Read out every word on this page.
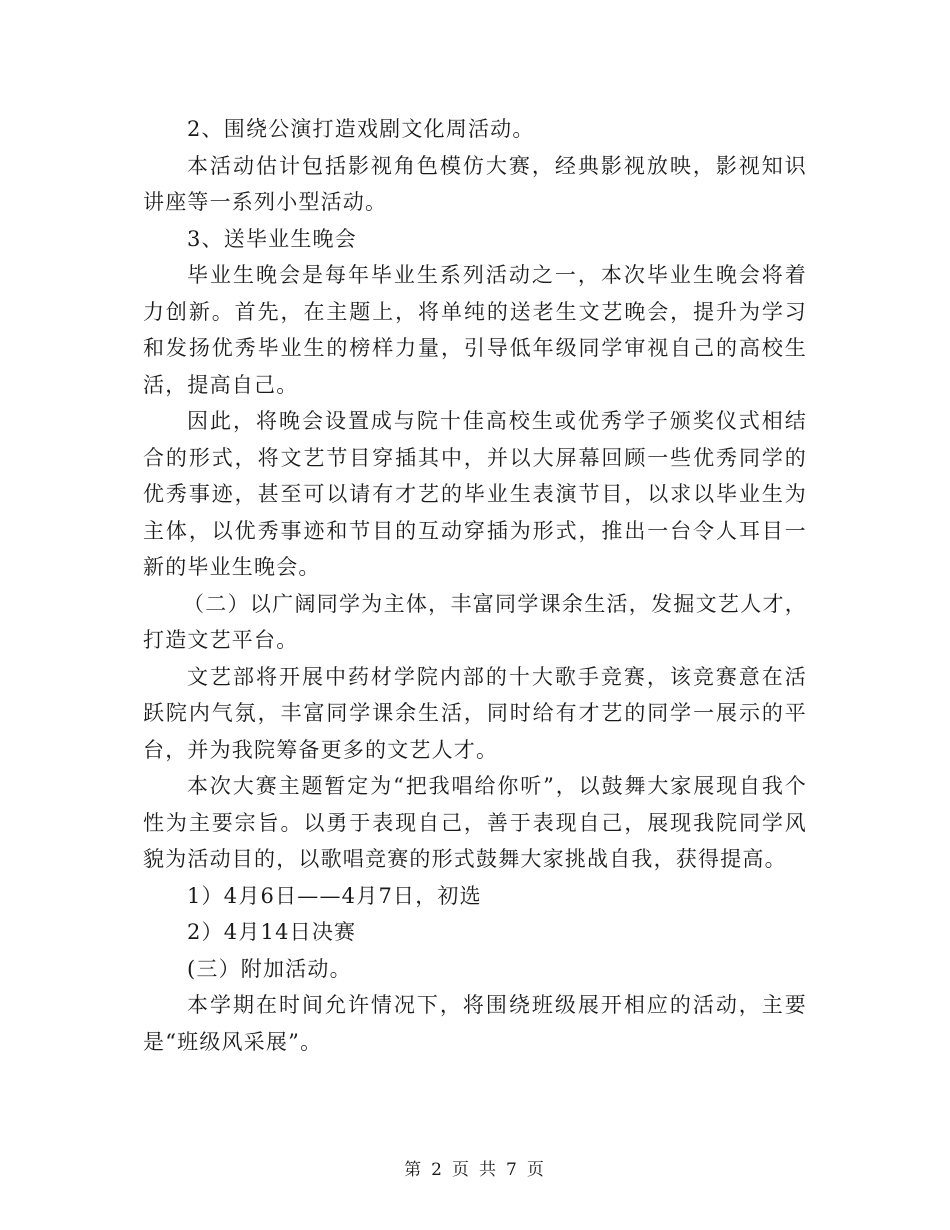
2、围绕公演打造戏剧文化周活动。

本活动估计包括影视角色模仿大赛，经典影视放映，影视知识讲座等一系列小型活动。

3、送毕业生晚会

毕业生晚会是每年毕业生系列活动之一，本次毕业生晚会将着力创新。首先，在主题上，将单纯的送老生文艺晚会，提升为学习和发扬优秀毕业生的榜样力量，引导低年级同学审视自己的高校生活，提高自己。

因此，将晚会设置成与院十佳高校生或优秀学子颁奖仪式相结合的形式，将文艺节目穿插其中，并以大屏幕回顾一些优秀同学的优秀事迹，甚至可以请有才艺的毕业生表演节目，以求以毕业生为主体，以优秀事迹和节目的互动穿插为形式，推出一台令人耳目一新的毕业生晚会。

（二）以广阔同学为主体，丰富同学课余生活，发掘文艺人才，打造文艺平台。

文艺部将开展中药材学院内部的十大歌手竞赛，该竞赛意在活跃院内气氛，丰富同学课余生活，同时给有才艺的同学一展示的平台，并为我院筹备更多的文艺人才。

本次大赛主题暂定为“把我唱给你听”，以鼓舞大家展现自我个性为主要宗旨。以勇于表现自己，善于表现自己，展现我院同学风貌为活动目的，以歌唱竞赛的形式鼓舞大家挑战自我，获得提高。

1）4月6日——4月7日，初选

2）4月14日决赛

(三）附加活动。

本学期在时间允许情况下，将围绕班级展开相应的活动，主要是“班级风采展”。

第 2 页 共 7 页
